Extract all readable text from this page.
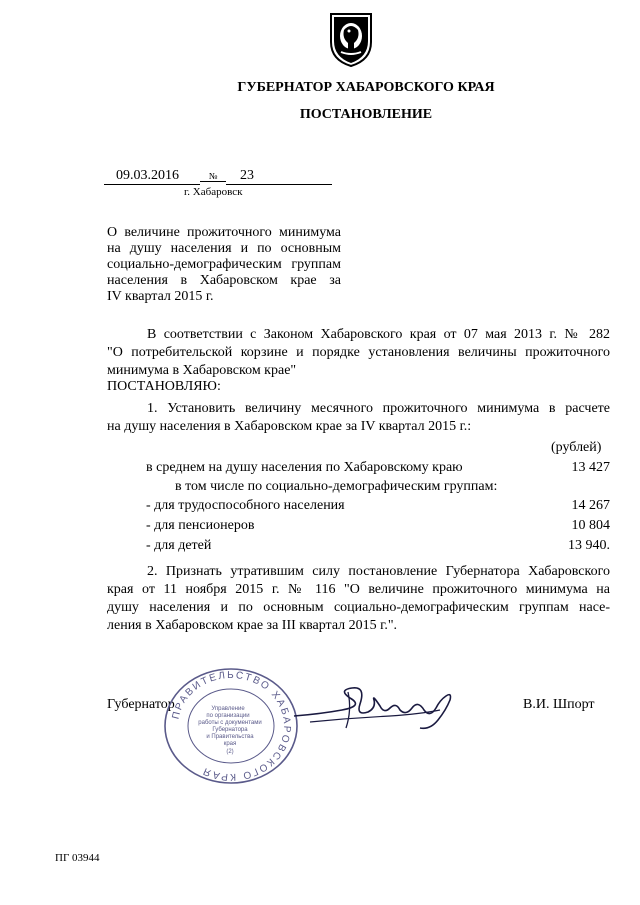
ГУБЕРНАТОР ХАБАРОВСКОГО КРАЯ
ПОСТАНОВЛЕНИЕ
09.03.2016	№ 23
г. Хабаровск
О величине прожиточного минимума
на душу населения и по основным
социально-демографическим группам
населения в Хабаровском крае за
IV квартал 2015 г.
В соответствии с Законом Хабаровского края от 07 мая 2013 г. № 282
"О потребительской корзине и порядке установления величины прожиточного
минимума в Хабаровском крае"
ПОСТАНОВЛЯЮ:
1. Установить величину месячного прожиточного минимума в расчете
на душу населения в Хабаровском крае за IV квартал 2015 г.:
(рублей)
в среднем на душу населения по Хабаровскому краю	13 427
в том числе по социально-демографическим группам:
- для трудоспособного населения	14 267
- для пенсионеров	10 804
- для детей	13 940.
2. Признать утратившим силу постановление Губернатора Хабаровского
края от 11 ноября 2015 г. № 116 "О величине прожиточного минимума на
душу населения и по основным социально-демографическим группам насе-
ления в Хабаровском крае за III квартал 2015 г.".
Губернатор	В.И. Шпорт
ПРАВИТЕЛЬСТВО ХАБАРОВСКОГО КРАЯ
Управление
по организации
работы с документами
Губернатора
и Правительства
края
(2)
ПГ 03944
